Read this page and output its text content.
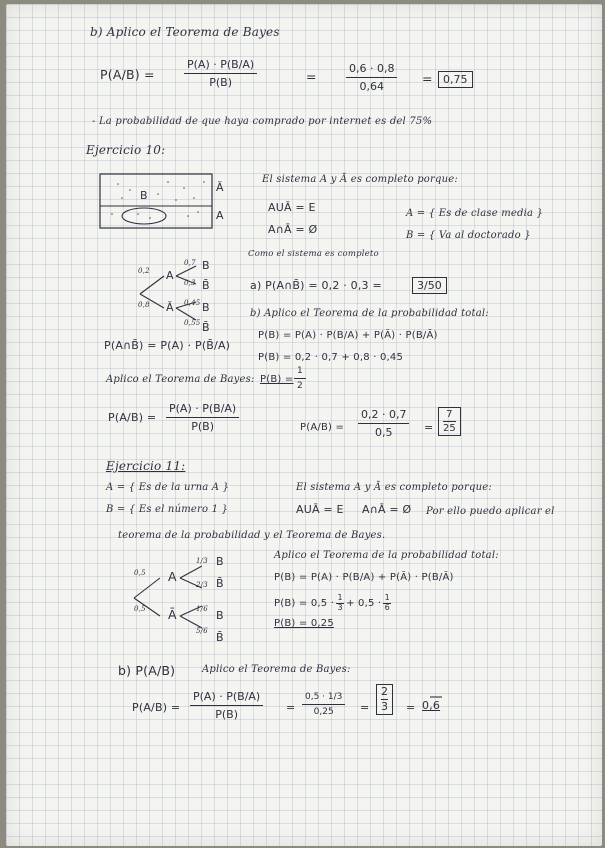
b) Aplico el Teorema de Bayes
P(A/B) =
P(A) · P(B/A)
P(B)	=
0,6 · 0,8
0,64
= 0,75
- La probabilidad de que haya comprado por internet es del 75%
Ejercicio 10:
B
Ā
A
El sistema A y Ā es completo porque:
AUĀ = E
A∩Ā = Ø
A = { Es de clase media }
B = { Va al doctorado }
Como el sistema es completo
0,2
0,8
A
Ā
0,7
0,3
0,45
0,55
B
B̄
B
B̄
a) P(A∩B̄) = 0,2 · 0,3 =	3/50
P(A∩B̄) = P(A) · P(B̄/A)
b) Aplico el Teorema de la probabilidad total:
P(B) = P(A) · P(B/A) + P(Ā) · P(B/Ā)
P(B) = 0,2 · 0,7 + 0,8 · 0,45
Aplico el Teorema de Bayes: P(B) =
1
2
P(A/B) =
P(A) · P(B/A)
P(B)	P(A/B) =
0,2 · 0,7
0,5	=
7
25
Ejercicio 11:
A = { Es de la urna A }
B = { Es el número 1 }
El sistema A y Ā es completo porque:
AUĀ = E A∩Ā = Ø Por ello puedo aplicar el
teorema de la probabilidad y el Teorema de Bayes.
Aplico el Teorema de la probabilidad total:
P(B) = P(A) · P(B/A) + P(Ā) · P(B/Ā)
P(B) = 0,5 ·
1
3 + 0,5 ·
1
6
P(B) = 0,25
0,5
0,5
A
Ā
1/3
2/3
1/6
5/6
B
B̄
B
B̄
b) P(A/B)	Aplico el Teorema de Bayes:
P(A/B) =
P(A) · P(B/A)
P(B)
=
0,5 · 1/3
0,25 =
2
3 = 0,6
